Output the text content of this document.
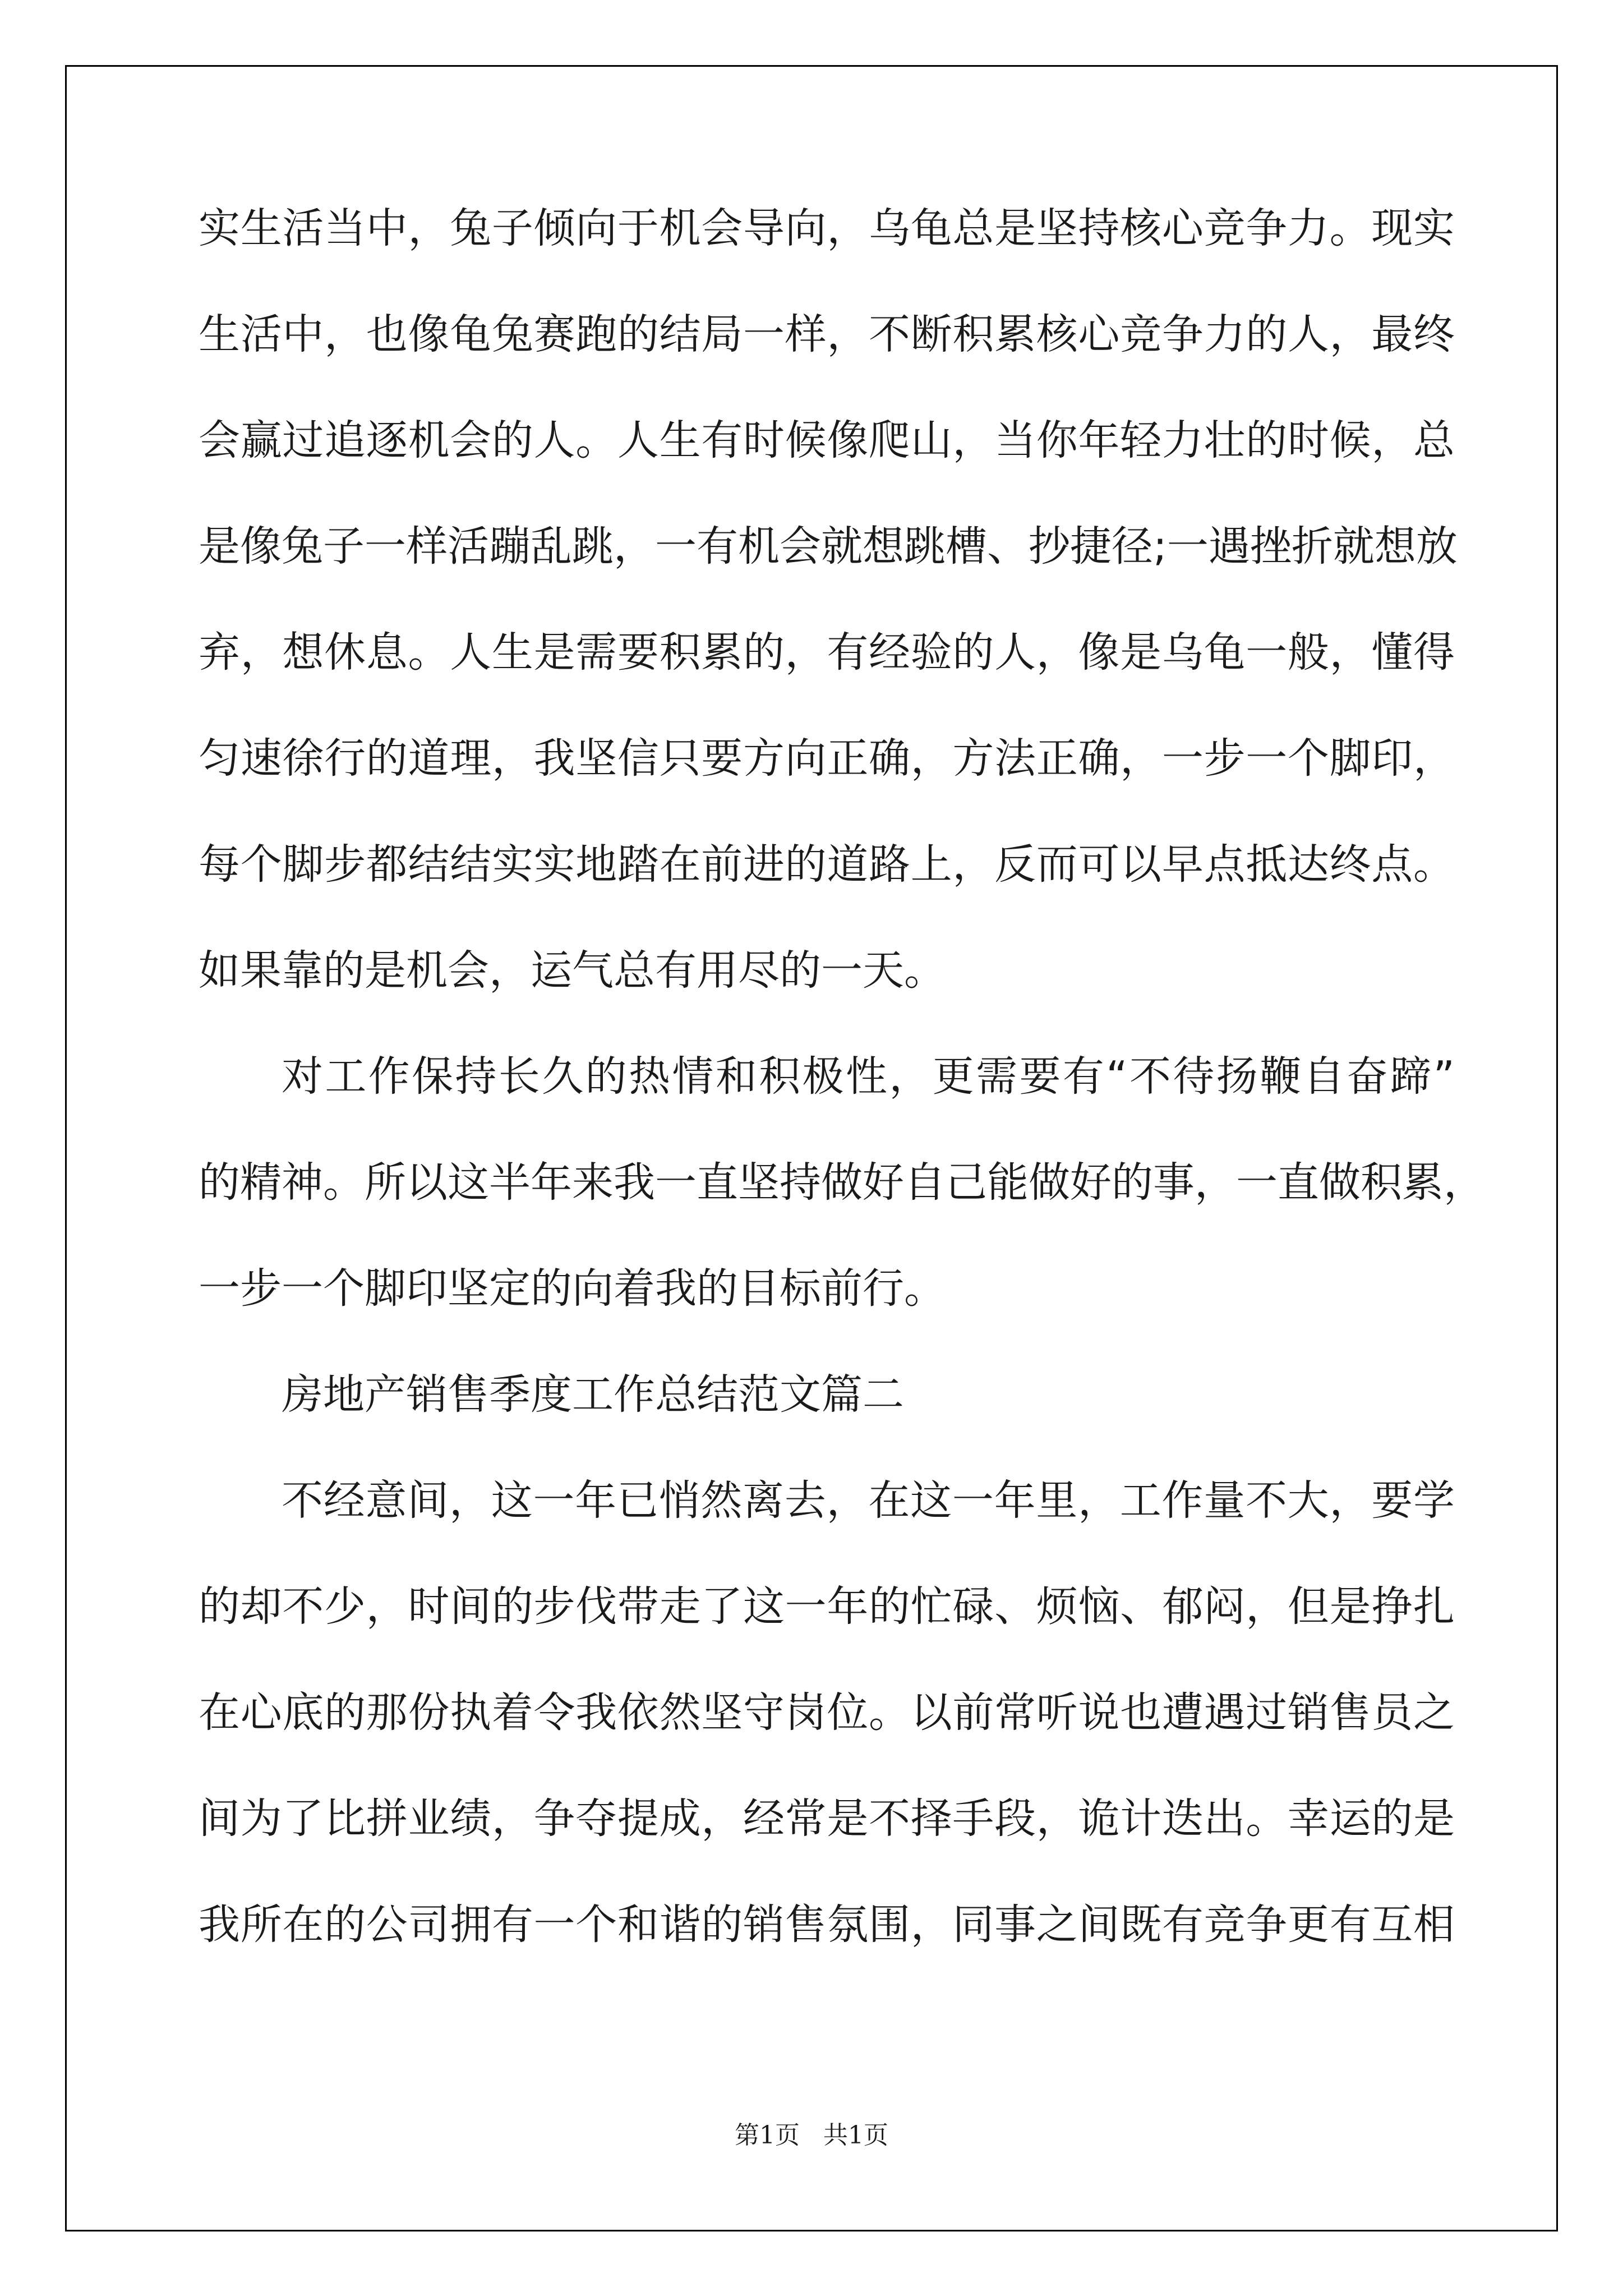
实生活当中，兔子倾向于机会导向，乌龟总是坚持核心竞争力。现实
生活中，也像龟兔赛跑的结局一样，不断积累核心竞争力的人，最终
会赢过追逐机会的人。人生有时候像爬山，当你年轻力壮的时候，总
是像兔子一样活蹦乱跳，一有机会就想跳槽、抄捷径;一遇挫折就想放
弃，想休息。人生是需要积累的，有经验的人，像是乌龟一般，懂得
匀速徐行的道理，我坚信只要方向正确，方法正确，一步一个脚印，
每个脚步都结结实实地踏在前进的道路上，反而可以早点抵达终点。
如果靠的是机会，运气总有用尽的一天。
对工作保持长久的热情和积极性，更需要有“不待扬鞭自奋蹄”
的精神。所以这半年来我一直坚持做好自己能做好的事，一直做积累，
一步一个脚印坚定的向着我的目标前行。
房地产销售季度工作总结范文篇二
不经意间，这一年已悄然离去，在这一年里，工作量不大，要学
的却不少，时间的步伐带走了这一年的忙碌、烦恼、郁闷，但是挣扎
在心底的那份执着令我依然坚守岗位。以前常听说也遭遇过销售员之
间为了比拼业绩，争夺提成，经常是不择手段，诡计迭出。幸运的是
我所在的公司拥有一个和谐的销售氛围，同事之间既有竞争更有互相
第1页   共1页
